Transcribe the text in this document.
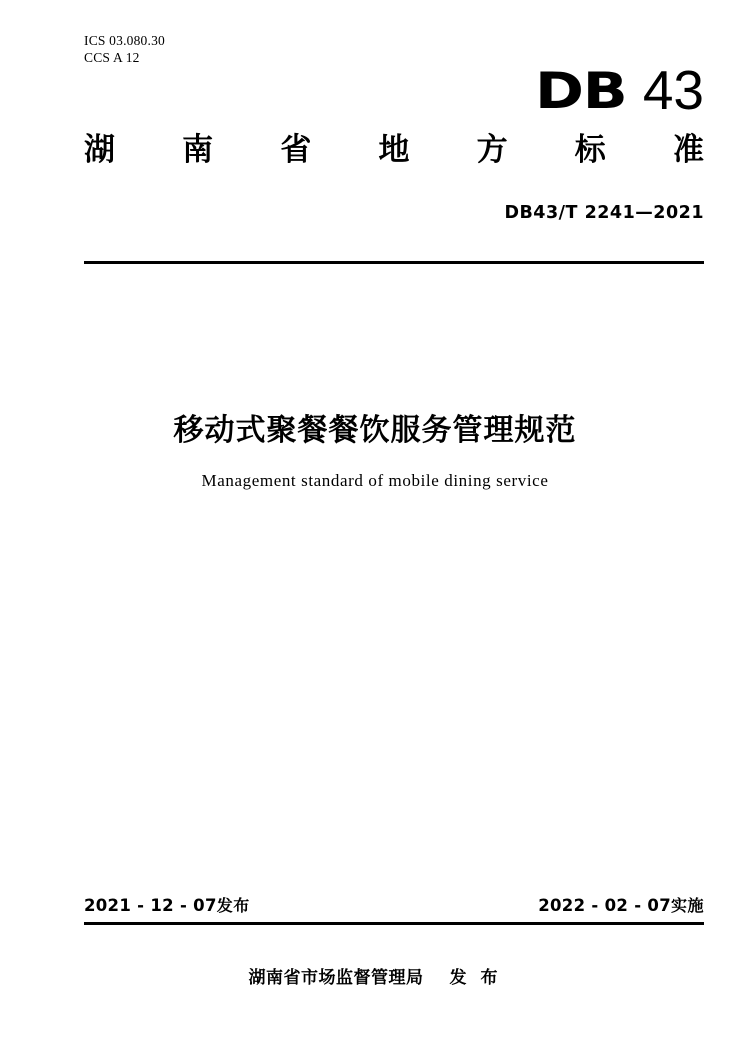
ICS 03.080.30
CCS A 12
DB 43
湖 南 省 地 方 标 准
DB43/T 2241—2021
移动式聚餐餐饮服务管理规范
Management standard of mobile dining service
2021 - 12 - 07发布	2022 - 02 - 07实施
湖南省市场监督管理局 发 布
